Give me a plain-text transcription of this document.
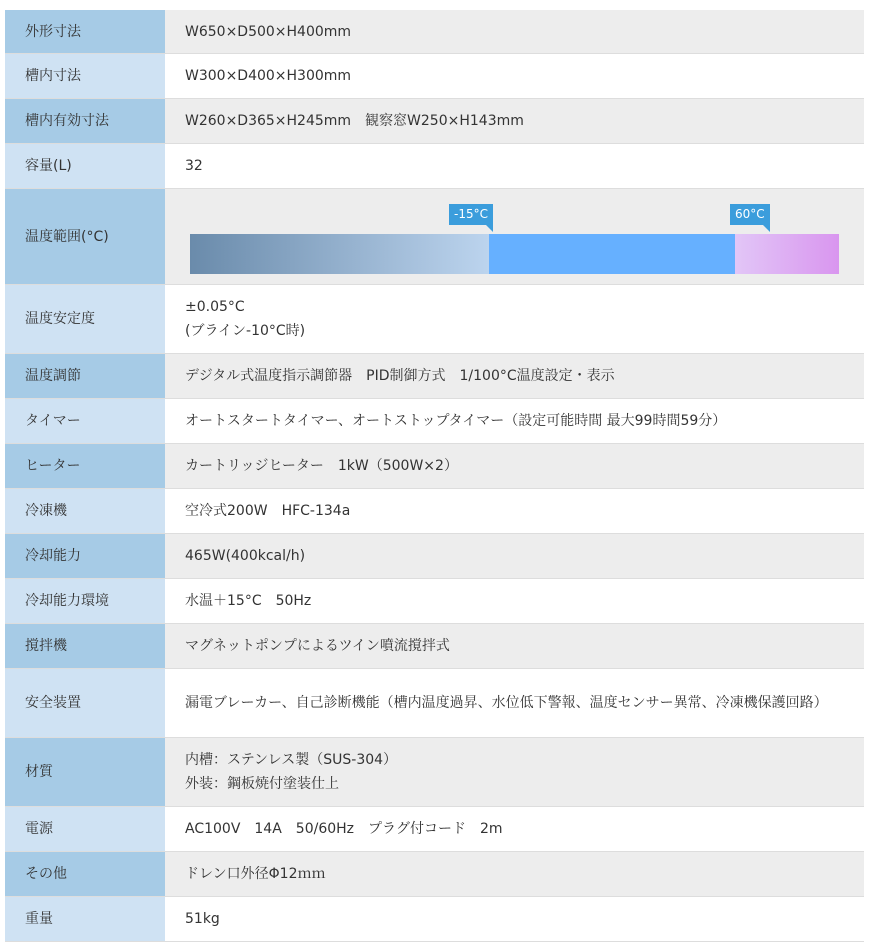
外形寸法	W650×D500×H400mm
槽内寸法	W300×D400×H300mm
槽内有効寸法	W260×D365×H245mm　観察窓W250×H143mm
容量(L)	32
温度範囲(°C)	-15°C 60°C

温度安定度	±0.05°C
(ブライン-10°C時)

温度調節	デジタル式温度指示調節器　PID制御方式　1/100°C温度設定・表示
タイマー	オートスタートタイマー、オートストップタイマー（設定可能時間 最大99時間59分）
ヒーター	カートリッジヒーター　1kW（500W×2）
冷凍機	空冷式200W　HFC-134a
冷却能力	465W(400kcal/h)
冷却能力環境	水温＋15°C　50Hz
撹拌機	マグネットポンプによるツイン噴流撹拌式
安全装置	漏電ブレーカー、自己診断機能（槽内温度過昇、水位低下警報、温度センサー異常、冷凍機保護回路）
材質	内槽：ステンレス製（SUS-304）
外装：鋼板焼付塗装仕上

電源	AC100V　14A　50/60Hz　プラグ付コード　2m
その他	ドレン口外径Φ12ｍｍ
重量	51kg
